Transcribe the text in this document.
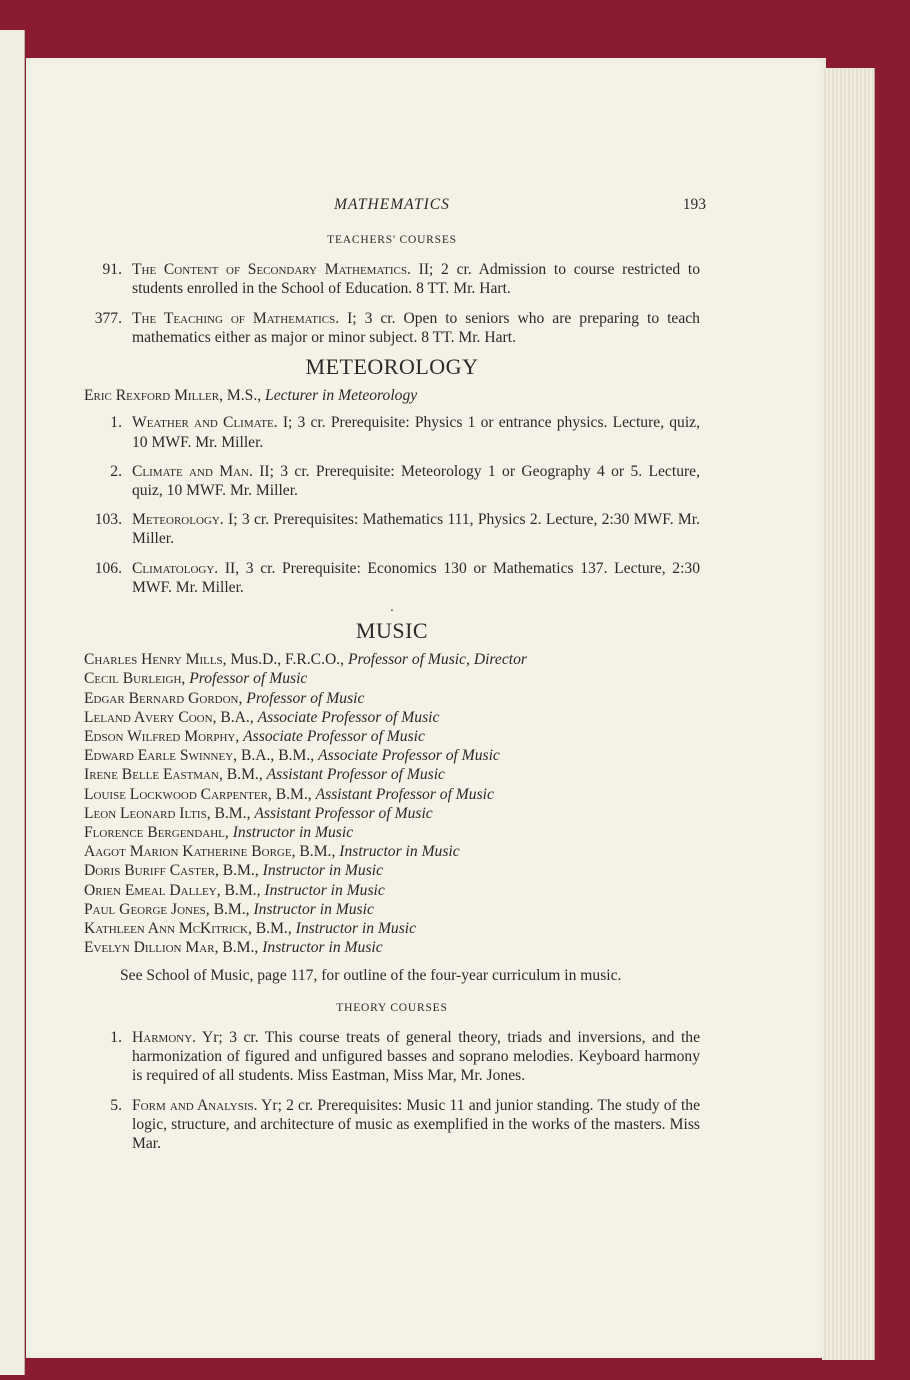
MATHEMATICS	193
TEACHERS' COURSES
91. The Content of Secondary Mathematics. II; 2 cr. Admission to course restricted to students enrolled in the School of Education. 8 TT. Mr. Hart.
377. The Teaching of Mathematics. I; 3 cr. Open to seniors who are preparing to teach mathematics either as major or minor subject. 8 TT. Mr. Hart.
METEOROLOGY
Eric Rexford Miller, M.S., Lecturer in Meteorology
1. Weather and Climate. I; 3 cr. Prerequisite: Physics 1 or entrance physics. Lecture, quiz, 10 MWF. Mr. Miller.
2. Climate and Man. II; 3 cr. Prerequisite: Meteorology 1 or Geography 4 or 5. Lecture, quiz, 10 MWF. Mr. Miller.
103. Meteorology. I; 3 cr. Prerequisites: Mathematics 111, Physics 2. Lecture, 2:30 MWF. Mr. Miller.
106. Climatology. II, 3 cr. Prerequisite: Economics 130 or Mathematics 137. Lecture, 2:30 MWF. Mr. Miller.
·
MUSIC
Charles Henry Mills, Mus.D., F.R.C.O., Professor of Music, Director
Cecil Burleigh, Professor of Music
Edgar Bernard Gordon, Professor of Music
Leland Avery Coon, B.A., Associate Professor of Music
Edson Wilfred Morphy, Associate Professor of Music
Edward Earle Swinney, B.A., B.M., Associate Professor of Music
Irene Belle Eastman, B.M., Assistant Professor of Music
Louise Lockwood Carpenter, B.M., Assistant Professor of Music
Leon Leonard Iltis, B.M., Assistant Professor of Music
Florence Bergendahl, Instructor in Music
Aagot Marion Katherine Borge, B.M., Instructor in Music
Doris Buriff Caster, B.M., Instructor in Music
Orien Emeal Dalley, B.M., Instructor in Music
Paul George Jones, B.M., Instructor in Music
Kathleen Ann McKitrick, B.M., Instructor in Music
Evelyn Dillion Mar, B.M., Instructor in Music
See School of Music, page 117, for outline of the four-year curriculum in music.
THEORY COURSES
1. Harmony. Yr; 3 cr. This course treats of general theory, triads and inversions, and the harmonization of figured and unfigured basses and soprano melodies. Keyboard harmony is required of all students. Miss Eastman, Miss Mar, Mr. Jones.
5. Form and Analysis. Yr; 2 cr. Prerequisites: Music 11 and junior standing. The study of the logic, structure, and architecture of music as exemplified in the works of the masters. Miss Mar.
